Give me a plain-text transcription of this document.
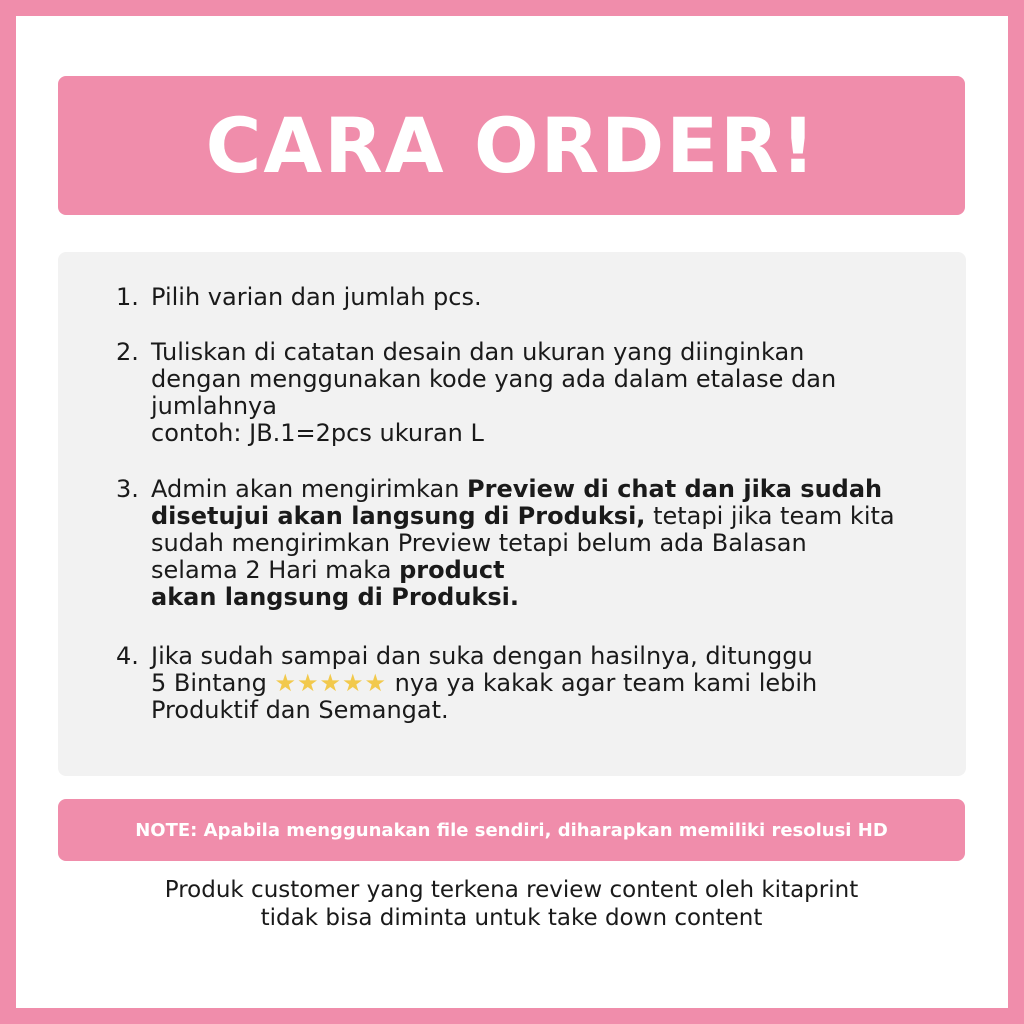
CARA ORDER!
1. Pilih varian dan jumlah pcs.
2. Tuliskan di catatan desain dan ukuran yang diinginkan
dengan menggunakan kode yang ada dalam etalase dan
jumlahnya
contoh: JB.1=2pcs ukuran L
3. Admin akan mengirimkan Preview di chat dan jika sudah
disetujui akan langsung di Produksi, tetapi jika team kita
sudah mengirimkan Preview tetapi belum ada Balasan
selama 2 Hari maka product
akan langsung di Produksi.
4. Jika sudah sampai dan suka dengan hasilnya, ditunggu
5 Bintang ★★★★★ nya ya kakak agar team kami lebih
Produktif dan Semangat.
NOTE: Apabila menggunakan file sendiri, diharapkan memiliki resolusi HD
Produk customer yang terkena review content oleh kitaprint
tidak bisa diminta untuk take down content
